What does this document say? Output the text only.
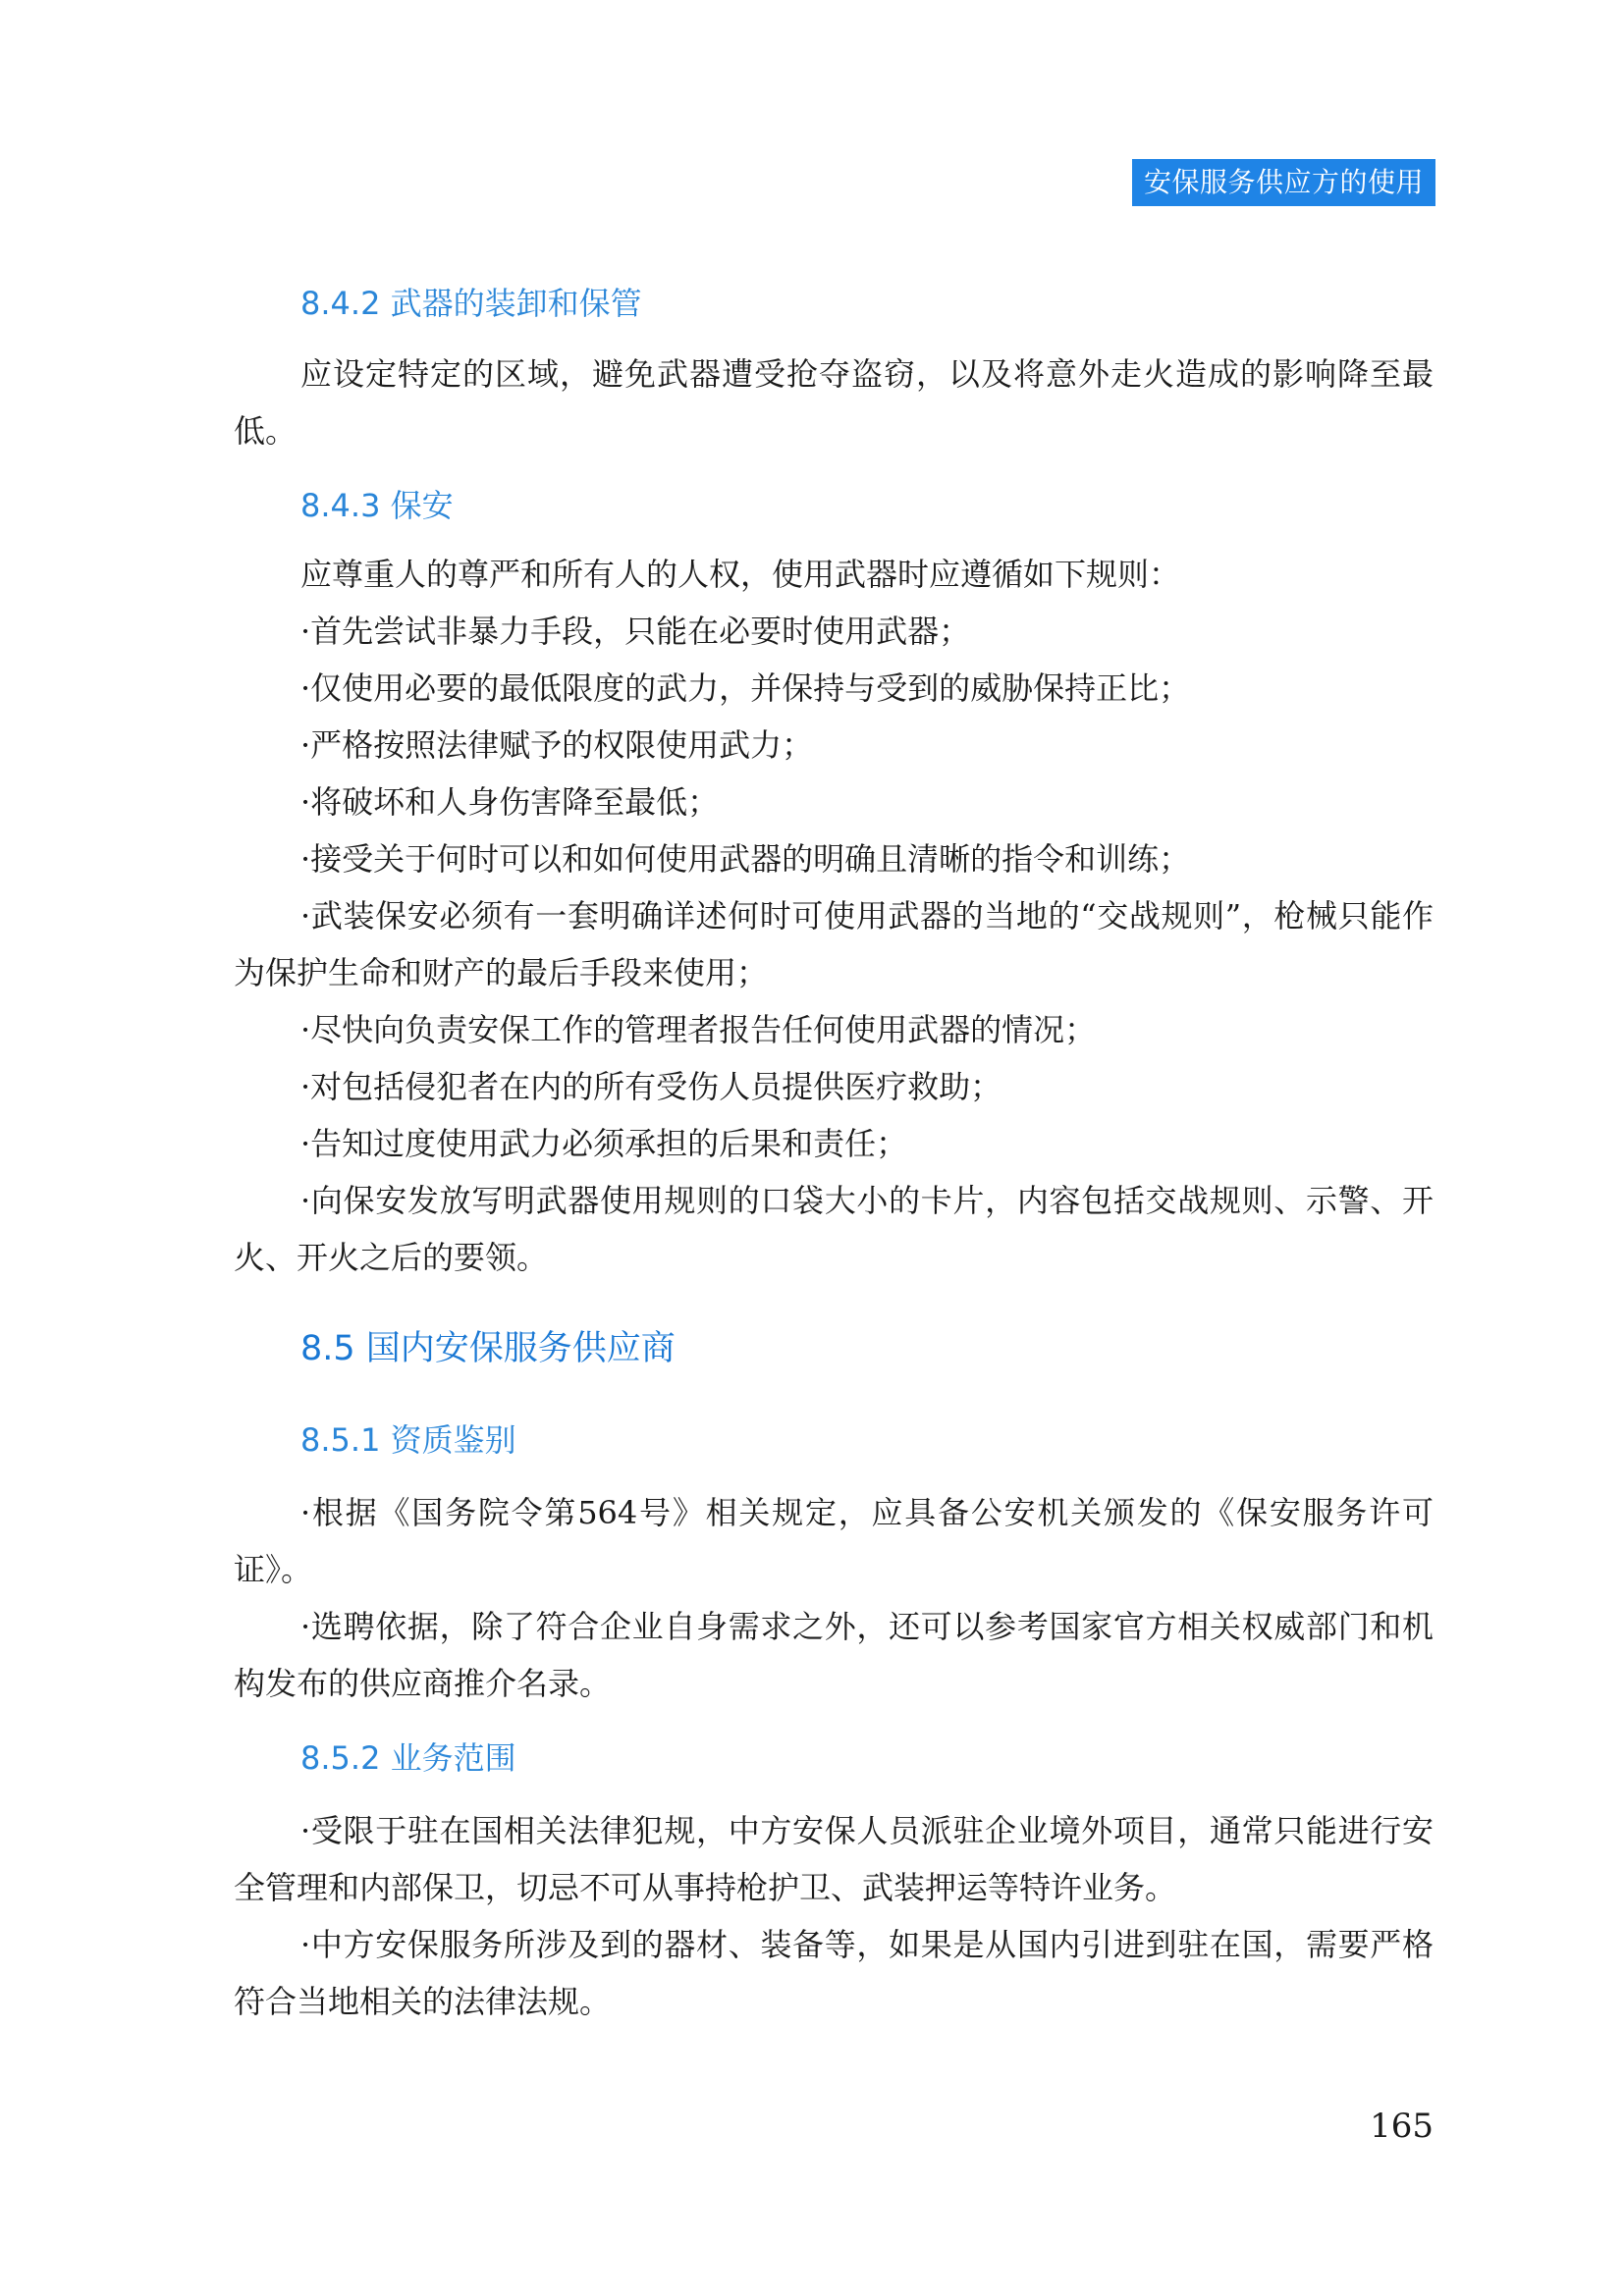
安保服务供应方的使用
8.4.2 武器的装卸和保管

应设定特定的区域，避免武器遭受抢夺盗窃，以及将意外走火造成的影响降至最低。

8.4.3 保安

应尊重人的尊严和所有人的人权，使用武器时应遵循如下规则：

·首先尝试非暴力手段，只能在必要时使用武器；

·仅使用必要的最低限度的武力，并保持与受到的威胁保持正比；

·严格按照法律赋予的权限使用武力；

·将破坏和人身伤害降至最低；

·接受关于何时可以和如何使用武器的明确且清晰的指令和训练；

·武装保安必须有一套明确详述何时可使用武器的当地的“交战规则”，枪械只能作为保护生命和财产的最后手段来使用；

·尽快向负责安保工作的管理者报告任何使用武器的情况；

·对包括侵犯者在内的所有受伤人员提供医疗救助；

·告知过度使用武力必须承担的后果和责任；

·向保安发放写明武器使用规则的口袋大小的卡片，内容包括交战规则、示警、开火、开火之后的要领。

8.5 国内安保服务供应商
8.5.1 资质鉴别

·根据《国务院令第564号》相关规定，应具备公安机关颁发的《保安服务许可证》。

·选聘依据，除了符合企业自身需求之外，还可以参考国家官方相关权威部门和机构发布的供应商推介名录。

8.5.2 业务范围

·受限于驻在国相关法律犯规，中方安保人员派驻企业境外项目，通常只能进行安全管理和内部保卫，切忌不可从事持枪护卫、武装押运等特许业务。

·中方安保服务所涉及到的器材、装备等，如果是从国内引进到驻在国，需要严格符合当地相关的法律法规。

165
